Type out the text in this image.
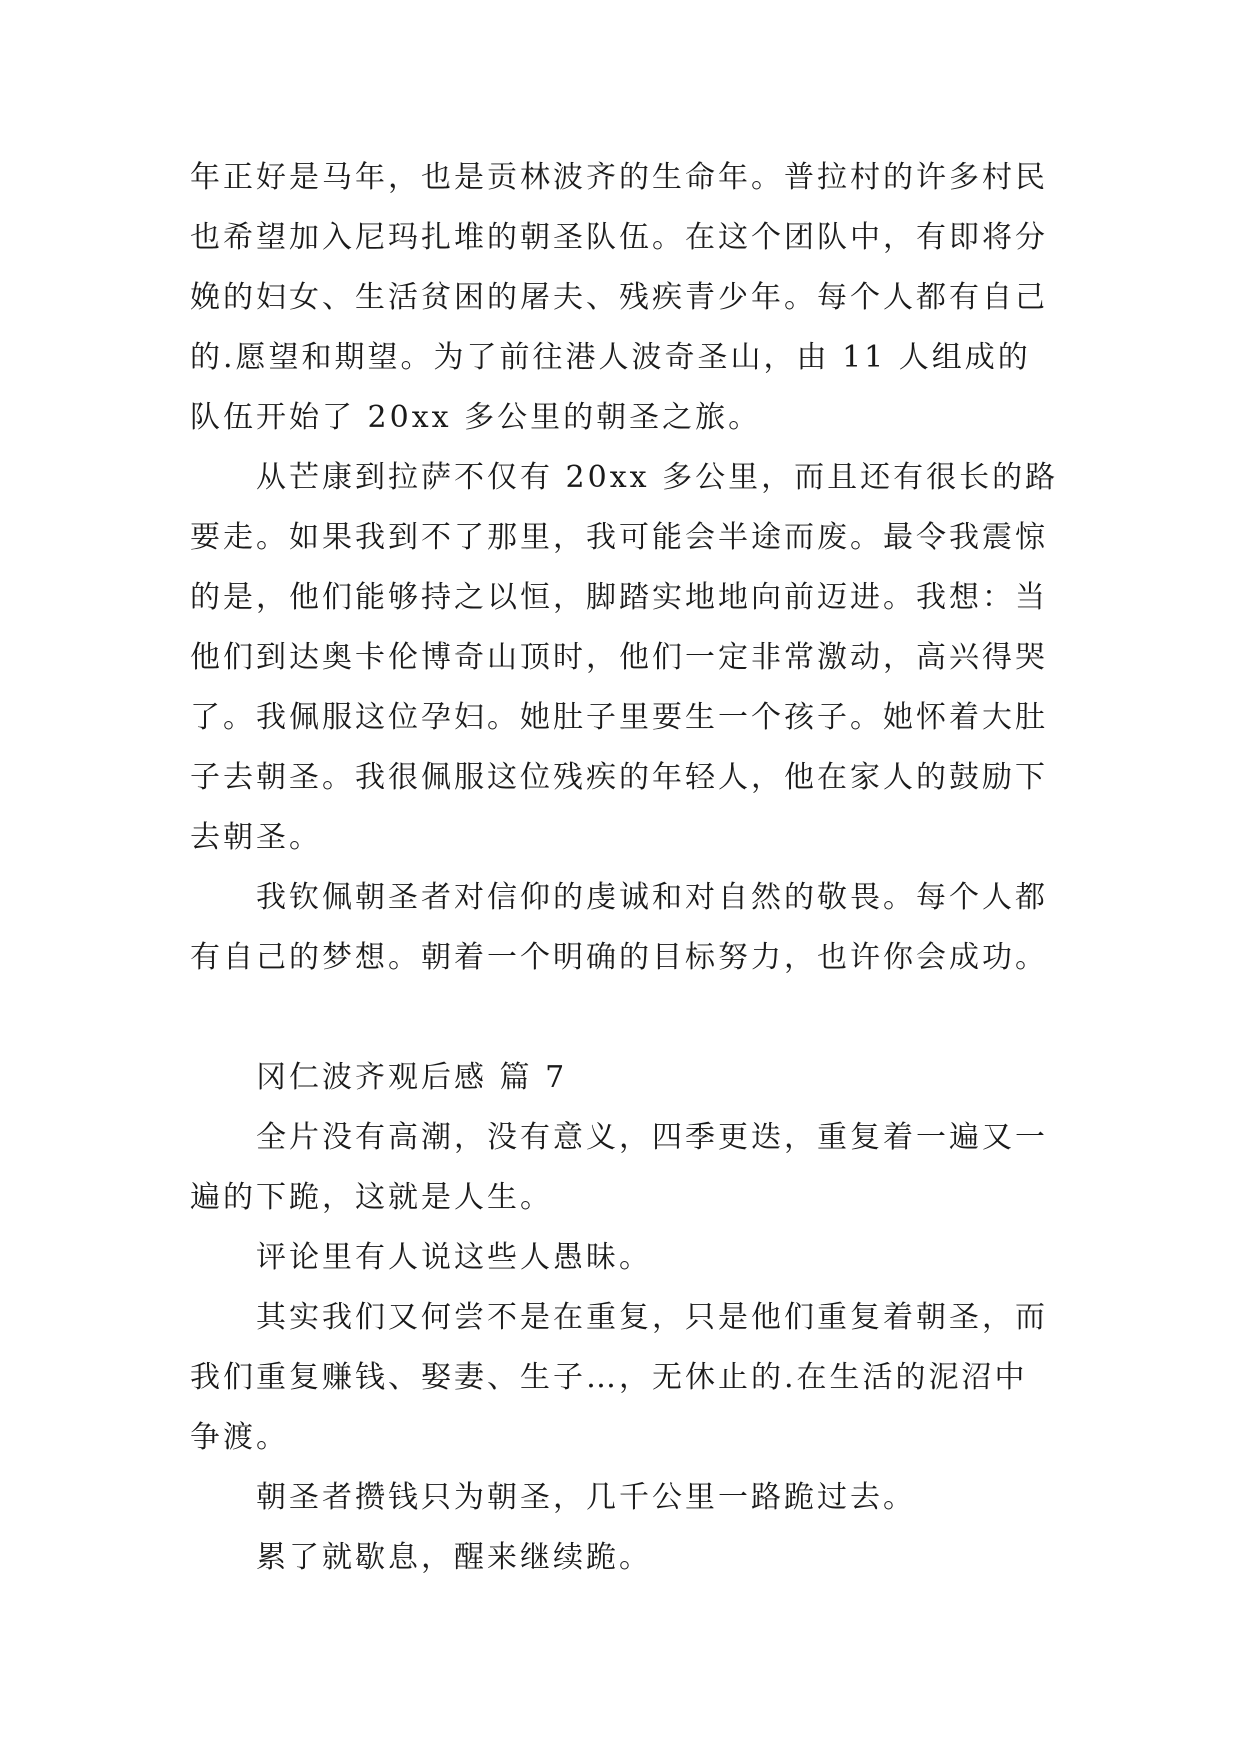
年正好是马年，也是贡林波齐的生命年。普拉村的许多村民也希望加入尼玛扎堆的朝圣队伍。在这个团队中，有即将分娩的妇女、生活贫困的屠夫、残疾青少年。每个人都有自己的.愿望和期望。为了前往港人波奇圣山，由 11 人组成的队伍开始了 20xx 多公里的朝圣之旅。

从芒康到拉萨不仅有 20xx 多公里，而且还有很长的路要走。如果我到不了那里，我可能会半途而废。最令我震惊的是，他们能够持之以恒，脚踏实地地向前迈进。我想：当他们到达奥卡伦博奇山顶时，他们一定非常激动，高兴得哭了。我佩服这位孕妇。她肚子里要生一个孩子。她怀着大肚子去朝圣。我很佩服这位残疾的年轻人，他在家人的鼓励下去朝圣。

我钦佩朝圣者对信仰的虔诚和对自然的敬畏。每个人都有自己的梦想。朝着一个明确的目标努力，也许你会成功。

冈仁波齐观后感 篇 7

全片没有高潮，没有意义，四季更迭，重复着一遍又一遍的下跪，这就是人生。

评论里有人说这些人愚昧。

其实我们又何尝不是在重复，只是他们重复着朝圣，而我们重复赚钱、娶妻、生子…，无休止的.在生活的泥沼中争渡。

朝圣者攒钱只为朝圣，几千公里一路跪过去。

累了就歇息，醒来继续跪。
